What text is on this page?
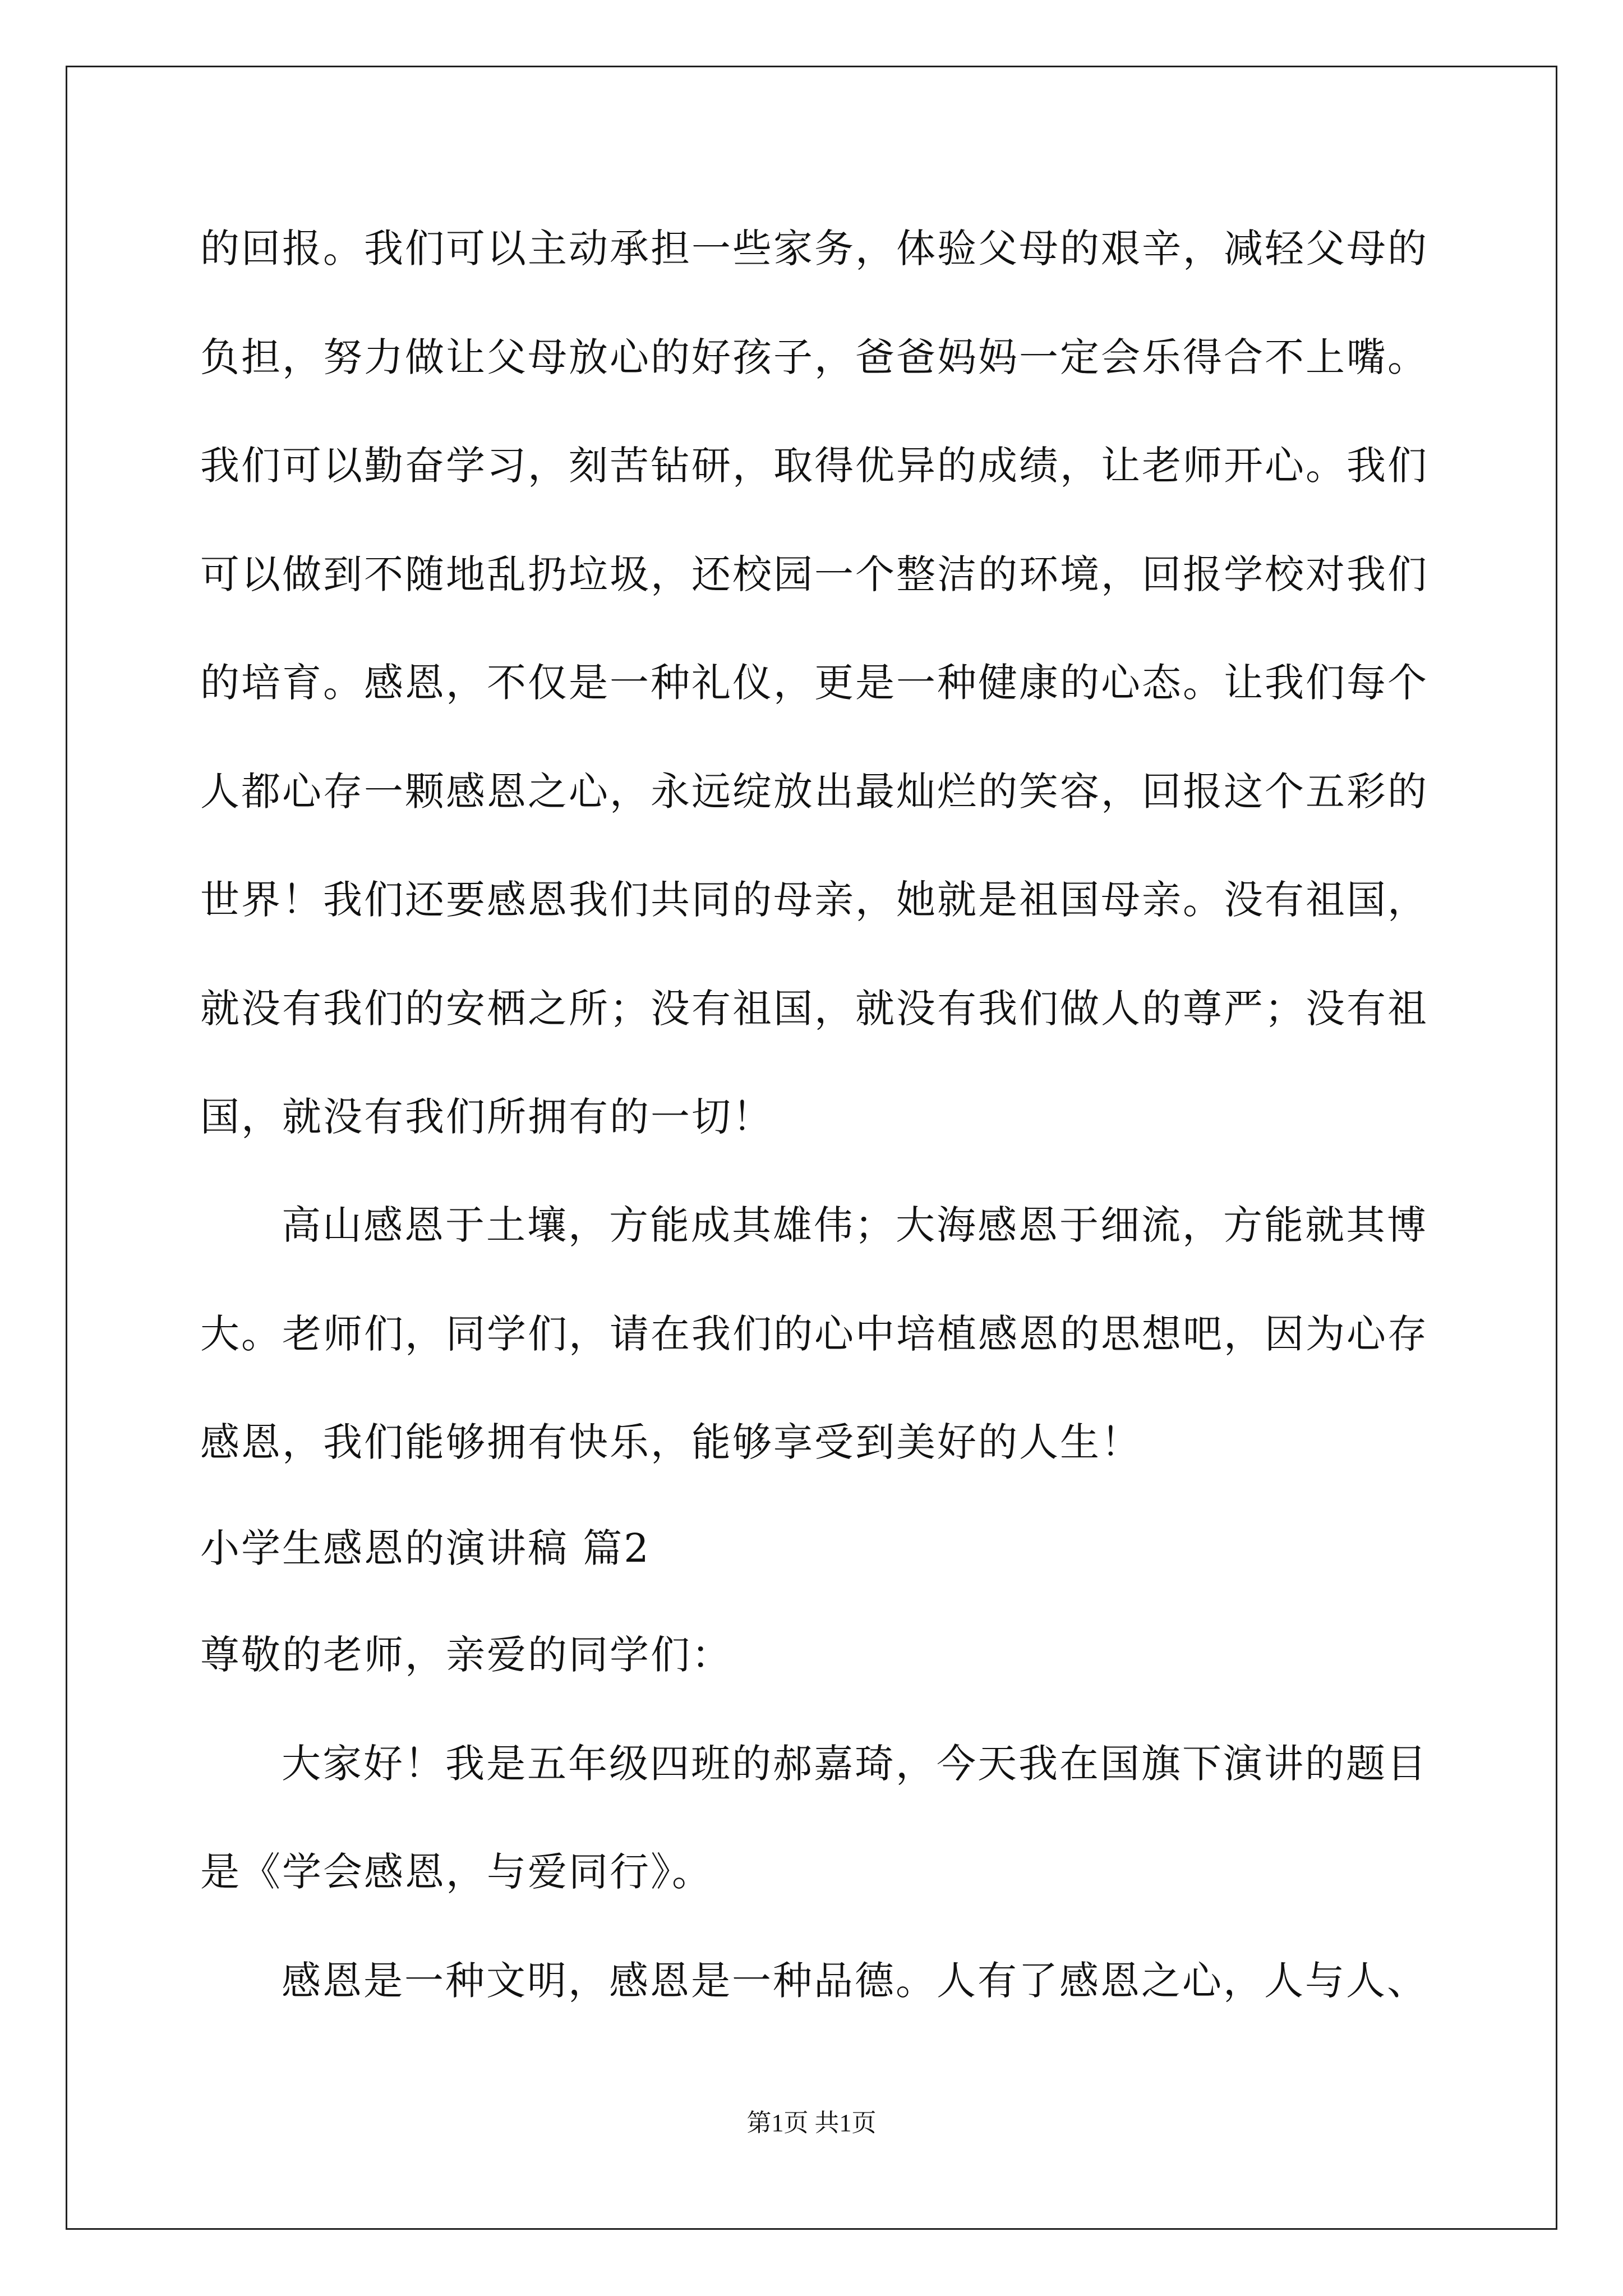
的回报。我们可以主动承担一些家务，体验父母的艰辛，减轻父母的
负担，努力做让父母放心的好孩子，爸爸妈妈一定会乐得合不上嘴。
我们可以勤奋学习，刻苦钻研，取得优异的成绩，让老师开心。我们
可以做到不随地乱扔垃圾，还校园一个整洁的环境，回报学校对我们
的培育。感恩，不仅是一种礼仪，更是一种健康的心态。让我们每个
人都心存一颗感恩之心，永远绽放出最灿烂的笑容，回报这个五彩的
世界！我们还要感恩我们共同的母亲，她就是祖国母亲。没有祖国，
就没有我们的安栖之所；没有祖国，就没有我们做人的尊严；没有祖
国，就没有我们所拥有的一切！
高山感恩于土壤，方能成其雄伟；大海感恩于细流，方能就其博
大。老师们，同学们，请在我们的心中培植感恩的思想吧，因为心存
感恩，我们能够拥有快乐，能够享受到美好的人生！
小学生感恩的演讲稿 篇2
尊敬的老师，亲爱的同学们：
大家好！我是五年级四班的郝嘉琦，今天我在国旗下演讲的题目
是《学会感恩，与爱同行》。
感恩是一种文明，感恩是一种品德。人有了感恩之心，人与人、
第1页 共1页
